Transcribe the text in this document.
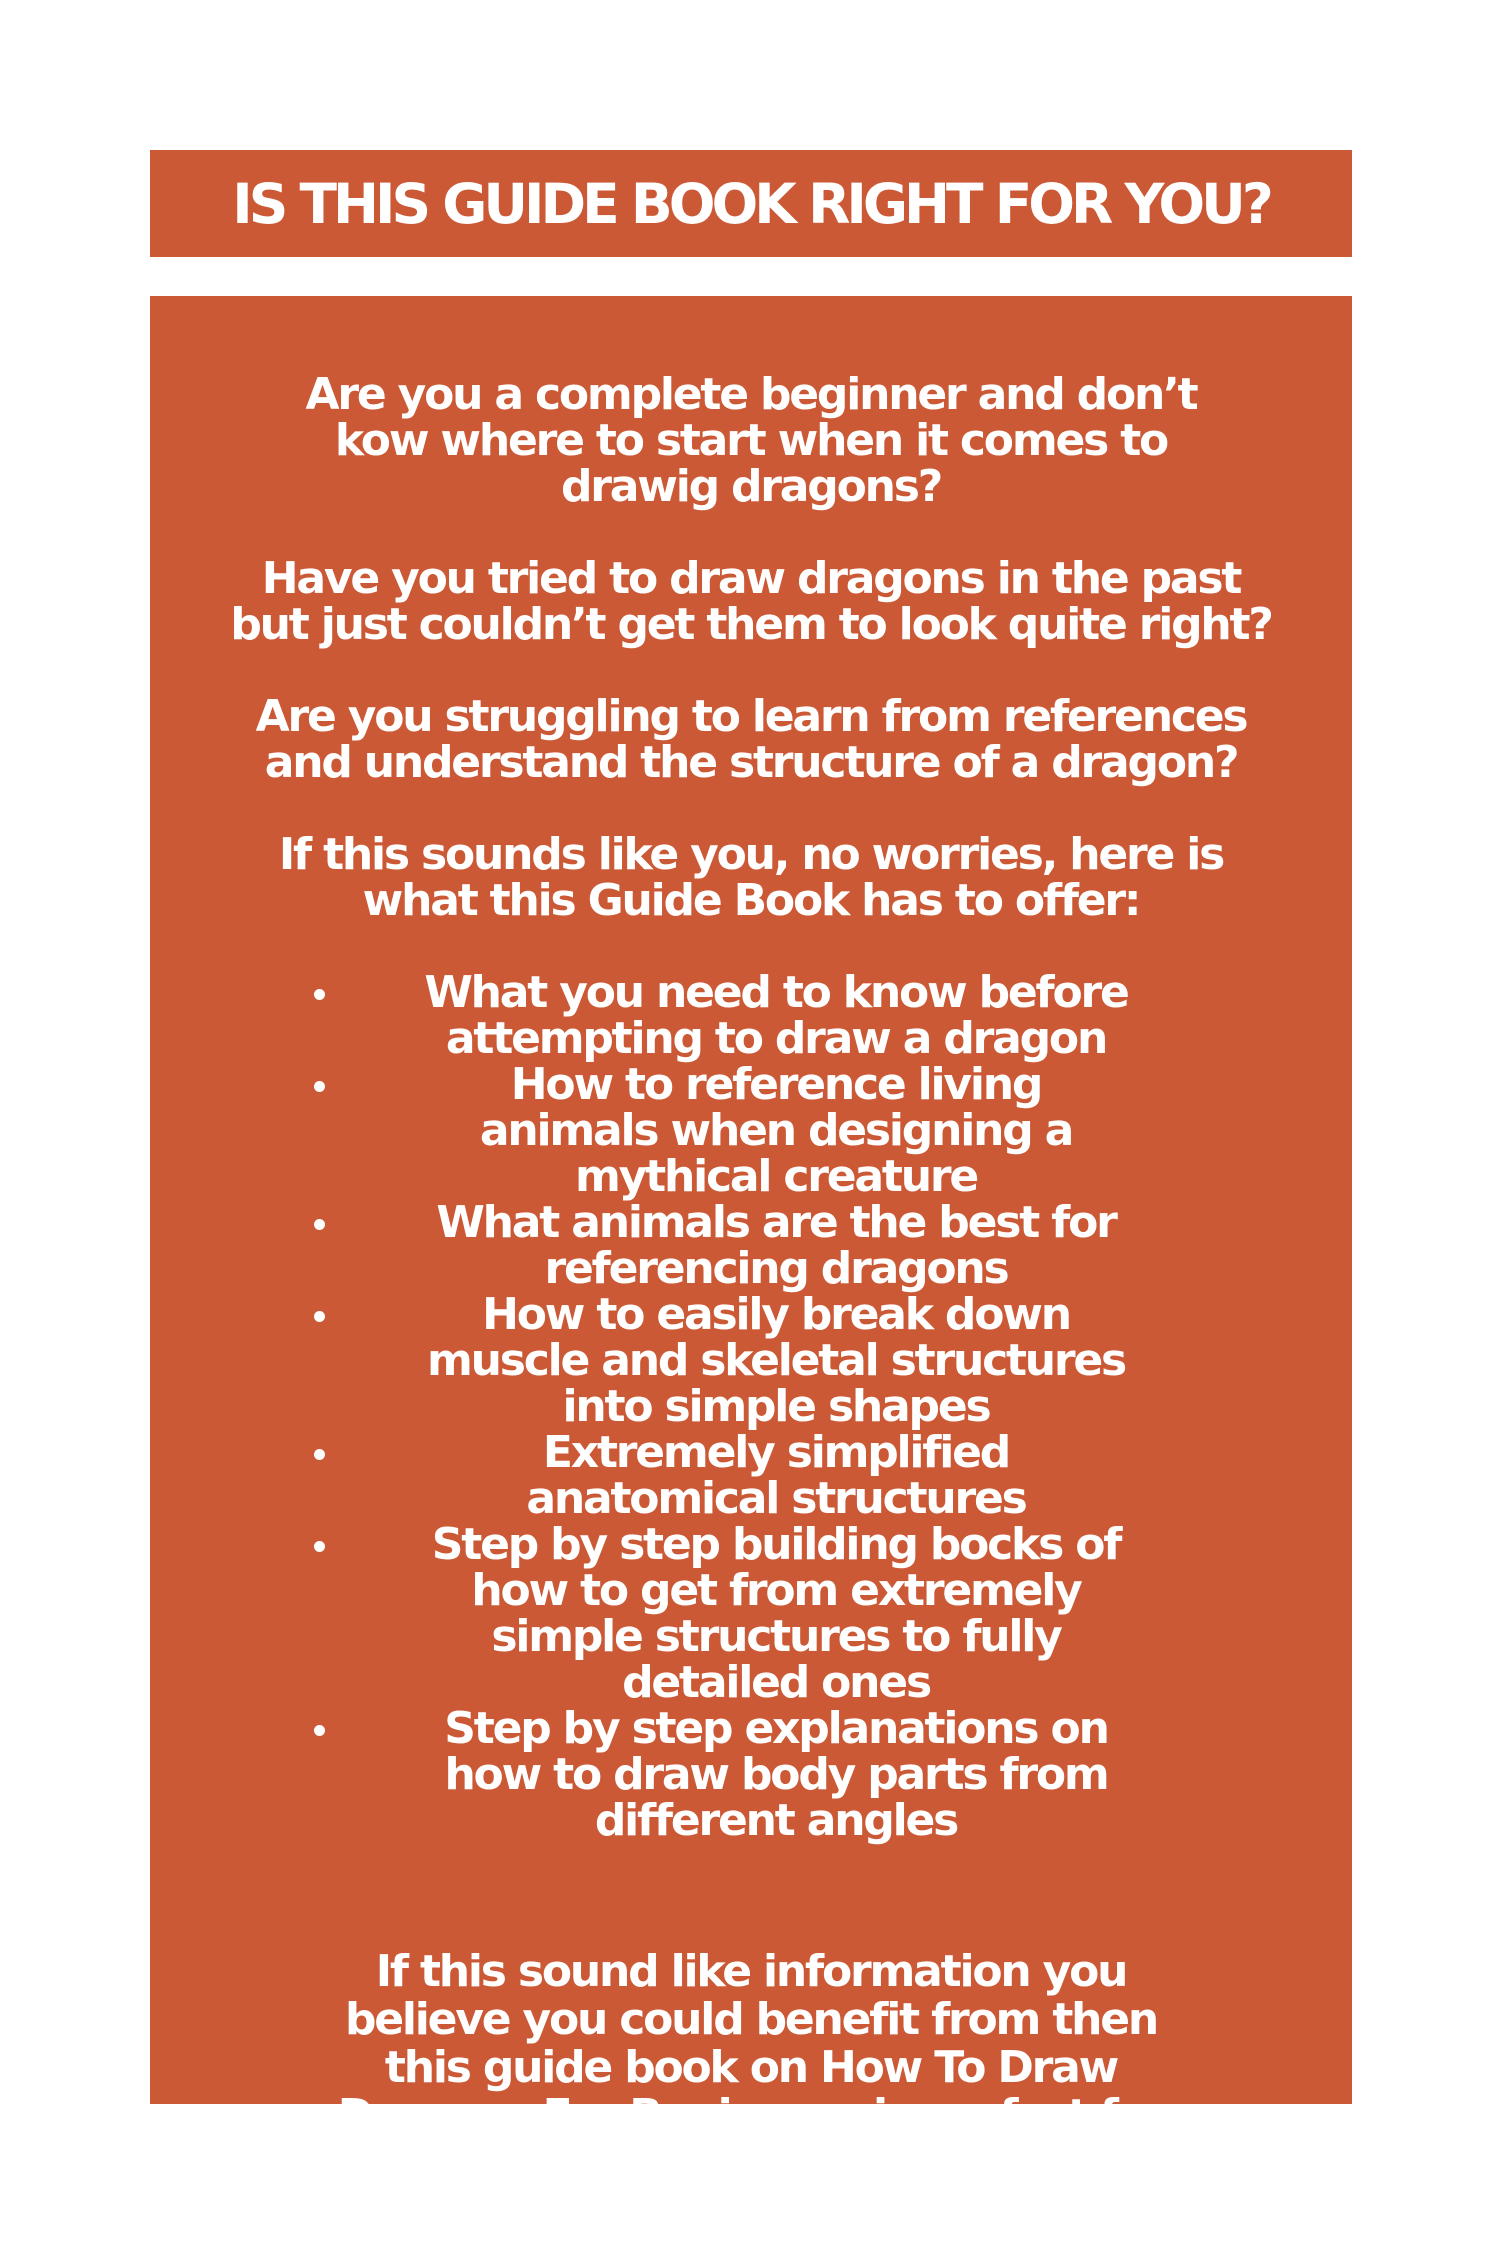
IS THIS GUIDE BOOK RIGHT FOR YOU?

Are you a complete beginner and don’t kow where to start when it comes to drawig dragons?

Have you tried to draw dragons in the past but just couldn’t get them to look quite right?

Are you struggling to learn from references and understand the structure of a dragon?

If this sounds like you, no worries, here is what this Guide Book has to offer:

What you need to know before attempting to draw a dragon
How to reference living animals when designing a mythical creature
What animals are the best for referencing dragons
How to easily break down muscle and skeletal structures into simple shapes
Extremely simplified anatomical structures
Step by step building bocks of how to get from extremely simple structures to fully detailed ones
Step by step explanations on how to draw body parts from different angles

If this sound like information you believe you could benefit from then this guide book on How To Draw Dragons For Beginners is perfect for you!
